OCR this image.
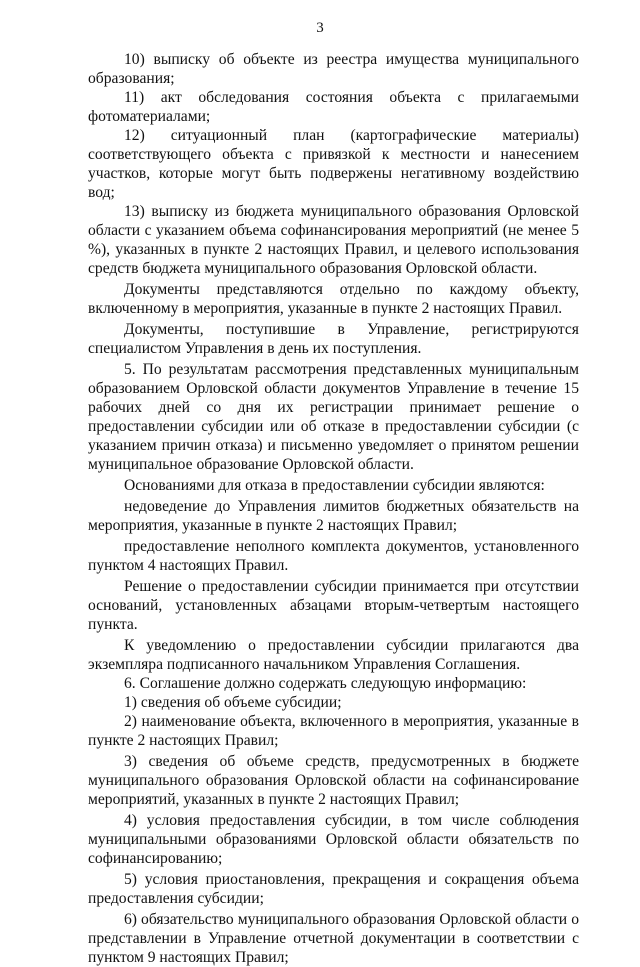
3

10) выписку об объекте из реестра имущества муниципального образования;

11) акт обследования состояния объекта с прилагаемыми фотоматериалами;

12) ситуационный план (картографические материалы) соответствующего объекта с привязкой к местности и нанесением участков, которые могут быть подвержены негативному воздействию вод;

13) выписку из бюджета муниципального образования Орловской области с указанием объема софинансирования мероприятий (не менее 5 %), указанных в пункте 2 настоящих Правил, и целевого использования средств бюджета муниципального образования Орловской области.

Документы представляются отдельно по каждому объекту, включенному в мероприятия, указанные в пункте 2 настоящих Правил.

Документы, поступившие в Управление, регистрируются специалистом Управления в день их поступления.

5. По результатам рассмотрения представленных муниципальным образованием Орловской области документов Управление в течение 15 рабочих дней со дня их регистрации принимает решение о предоставлении субсидии или об отказе в предоставлении субсидии (с указанием причин отказа) и письменно уведомляет о принятом решении муниципальное образование Орловской области.

Основаниями для отказа в предоставлении субсидии являются:

недоведение до Управления лимитов бюджетных обязательств на мероприятия, указанные в пункте 2 настоящих Правил;

предоставление неполного комплекта документов, установленного пунктом 4 настоящих Правил.

Решение о предоставлении субсидии принимается при отсутствии оснований, установленных абзацами вторым-четвертым настоящего пункта.

К уведомлению о предоставлении субсидии прилагаются два экземпляра подписанного начальником Управления Соглашения.

6. Соглашение должно содержать следующую информацию:

1) сведения об объеме субсидии;

2) наименование объекта, включенного в мероприятия, указанные в пункте 2 настоящих Правил;

3) сведения об объеме средств, предусмотренных в бюджете муниципального образования Орловской области на софинансирование мероприятий, указанных в пункте 2 настоящих Правил;

4) условия предоставления субсидии, в том числе соблюдения муниципальными образованиями Орловской области обязательств по софинансированию;

5) условия приостановления, прекращения и сокращения объема предоставления субсидии;

6) обязательство муниципального образования Орловской области о представлении в Управление отчетной документации в соответствии с пунктом 9 настоящих Правил;
